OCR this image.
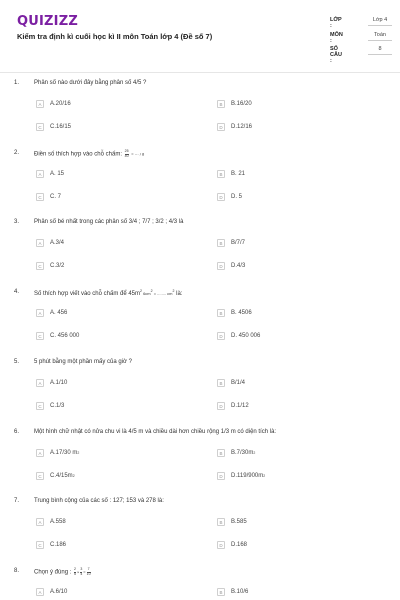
QUIZIZZ
Kiểm tra định kì cuối học kì II môn Toán lớp 4 (Đề số 7)
LỚP :
Lớp 4
MÔN :
Toán
SỐ CÂU :
8
1. Phân số nào dưới đây bằng phân số 4/5 ?
A	A.20/16	B	B.16/20
C	C.16/15	D	D.12/16
2. Điền số thích hợp vào chỗ chấm: $\frac{25}{40}$ = ··· / 8
A	A. 15	B	B. 21
C	C. 7	D	D. 5
3. Phân số bé nhất trong các phân số 3/4 ; 7/7 ; 3/2 ; 4/3 là
A	A.3/4	B	B/7/7
C	C.3/2	D	D.4/3
4. Số thích hợp viết vào chỗ chấm để $45m^2$ $6cm^2$ = ........ $cm^2$ là:
A	A. 456	B	B. 4506
C	C. 456 000	D	D. 450 006
5. 5 phút bằng một phần mấy của giờ ?
A	A.1/10	B	B/1/4
C	C.1/3	D	D.1/12
6. Một hình chữ nhật có nửa chu vi là 4/5 m và chiều dài hơn chiều rộng 1/3 m có diện tích là:
A	A.17/30 m 2	B	B.7/30m 2
C	C.4/15m 2	D	D.119/900m 2
7. Trung bình cộng của các số : 127; 153 và 278 là:
A	A.558	B	B.585
C	C.186	D	D.168
8. Chọn ý đúng : $\frac{2}{5} \times \frac{3}{4} = \frac{7}{10}$
A	A.6/10	B	B.10/6
